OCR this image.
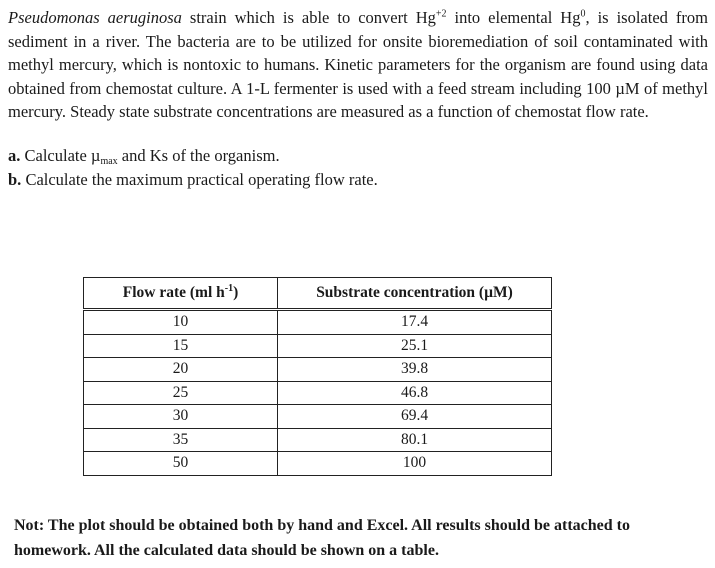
Pseudomonas aeruginosa strain which is able to convert $Hg^{+2}$ into elemental Hg$^0$, is isolated from sediment in a river. The bacteria are to be utilized for onsite bioremediation of soil contaminated with methyl mercury, which is nontoxic to humans. Kinetic parameters for the organism are found using data obtained from chemostat culture. A 1-L fermenter is used with a feed stream including 100 µM of methyl mercury. Steady state substrate concentrations are measured as a function of chemostat flow rate.

a. Calculate µ$_{max}$ and Ks of the organism.
b. Calculate the maximum practical operating flow rate.
Flow rate (ml $h^{-1}$)	Substrate concentration (µM)
10	17.4
15	25.1
20	39.8
25	46.8
30	69.4
35	80.1
50	100

Not: The plot should be obtained both by hand and Excel. All results should be attached to homework. All the calculated data should be shown on a table.
